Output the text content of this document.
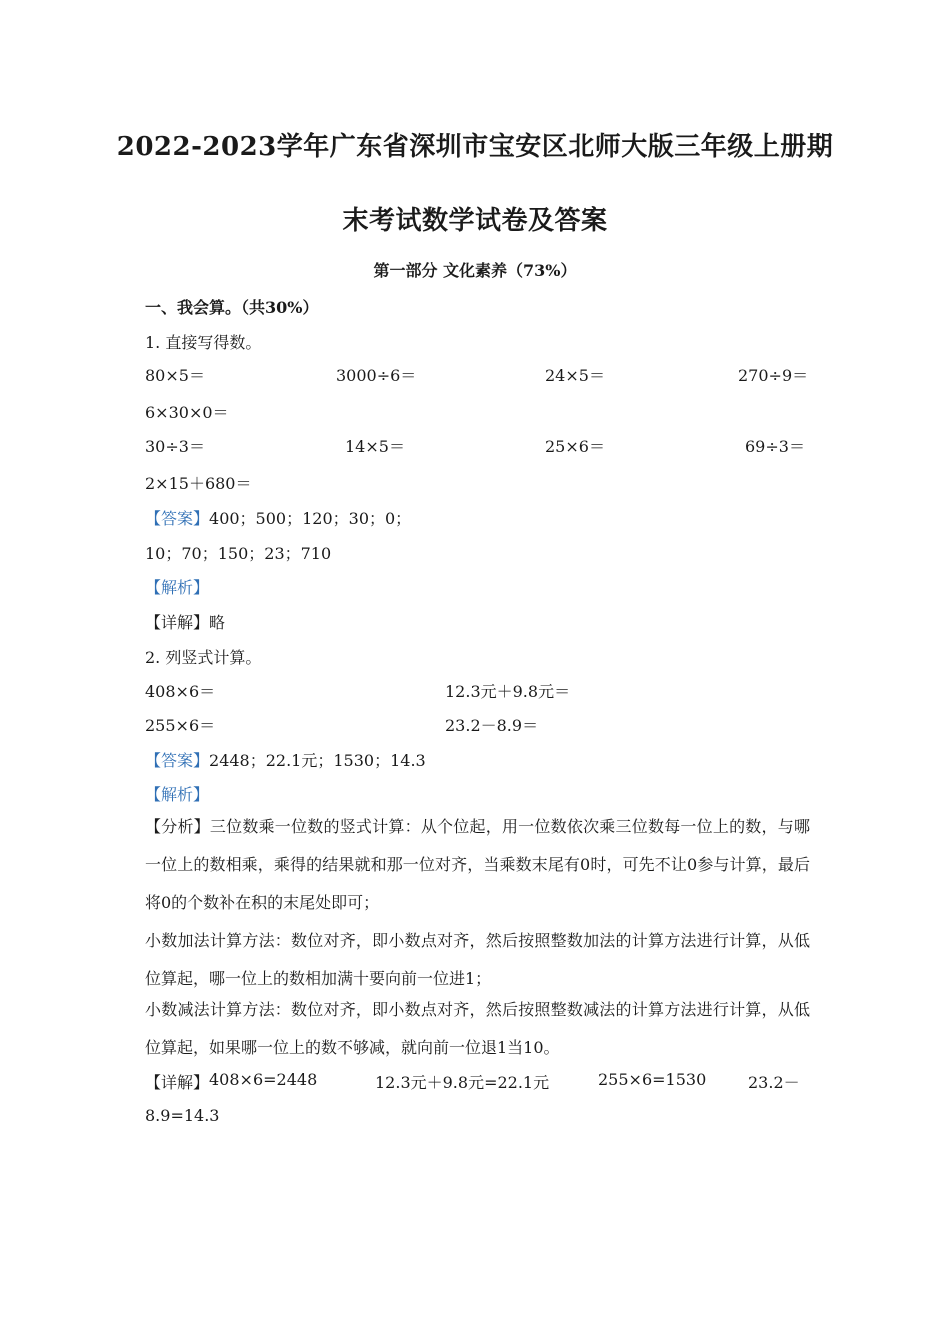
2022-2023学年广东省深圳市宝安区北师大版三年级上册期
末考试数学试卷及答案
第一部分 文化素养（73%）
一、我会算。（共30%）
1. 直接写得数。
80×5＝	3000÷6＝	24×5＝	270÷9＝
6×30×0＝
30÷3＝	14×5＝	25×6＝	69÷3＝
2×15＋680＝
【答案】400；500；120；30；0；
10；70；150；23；710
【解析】
【详解】略
2. 列竖式计算。
408×6＝	12.3元＋9.8元＝
255×6＝	23.2－8.9＝
【答案】2448；22.1元；1530；14.3
【解析】
【分析】三位数乘一位数的竖式计算：从个位起，用一位数依次乘三位数每一位上的数，与哪一位上的数相乘，乘得的结果就和那一位对齐，当乘数末尾有0时，可先不让0参与计算，最后将0的个数补在积的末尾处即可；
小数加法计算方法：数位对齐，即小数点对齐，然后按照整数加法的计算方法进行计算，从低位算起，哪一位上的数相加满十要向前一位进1；
小数减法计算方法：数位对齐，即小数点对齐，然后按照整数减法的计算方法进行计算，从低位算起，如果哪一位上的数不够减，就向前一位退1当10。
【详解】 408×6=2448	12.3元＋9.8元=22.1元	255×6=1530	23.2－
8.9=14.3
